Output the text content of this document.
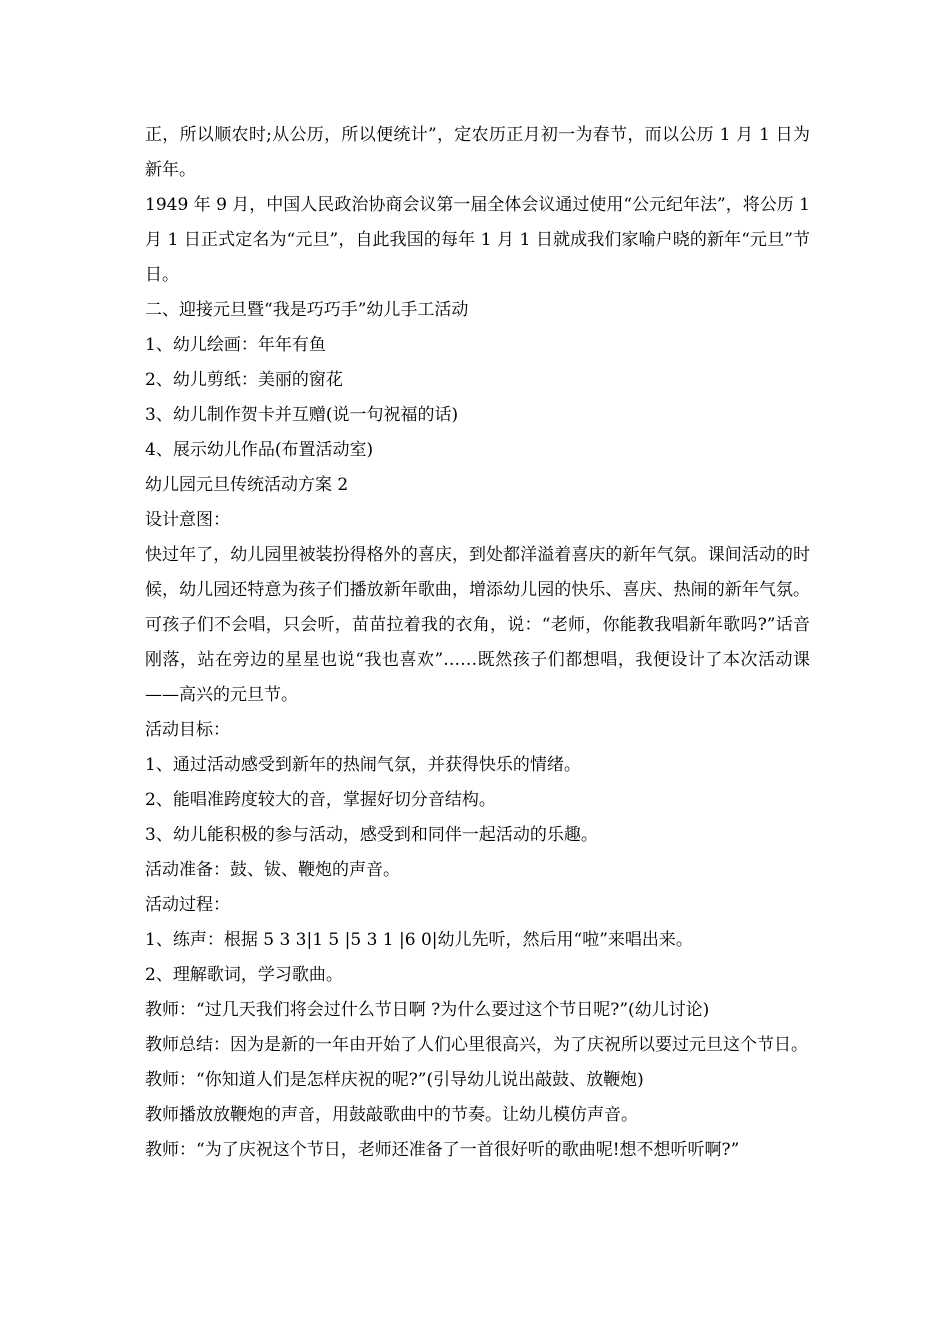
正，所以顺农时;从公历，所以便统计”，定农历正月初一为春节，而以公历 1 月 1 日为新年。

1949 年 9 月，中国人民政治协商会议第一届全体会议通过使用“公元纪年法”，将公历 1 月 1 日正式定名为“元旦”，自此我国的每年 1 月 1 日就成我们家喻户晓的新年“元旦”节日。

二、迎接元旦暨“我是巧巧手”幼儿手工活动

1、幼儿绘画：年年有鱼

2、幼儿剪纸：美丽的窗花

3、幼儿制作贺卡并互赠(说一句祝福的话)

4、展示幼儿作品(布置活动室)

幼儿园元旦传统活动方案 2

设计意图：

快过年了，幼儿园里被装扮得格外的喜庆，到处都洋溢着喜庆的新年气氛。课间活动的时候，幼儿园还特意为孩子们播放新年歌曲，增添幼儿园的快乐、喜庆、热闹的新年气氛。可孩子们不会唱，只会听，苗苗拉着我的衣角，说：“老师，你能教我唱新年歌吗?”话音刚落，站在旁边的星星也说“我也喜欢”……既然孩子们都想唱，我便设计了本次活动课——高兴的元旦节。

活动目标：

1、通过活动感受到新年的热闹气氛，并获得快乐的情绪。

2、能唱准跨度较大的音，掌握好切分音结构。

3、幼儿能积极的参与活动，感受到和同伴一起活动的乐趣。

活动准备：鼓、钹、鞭炮的声音。

活动过程：

1、练声：根据 5 3 3|1 5 |5 3 1 |6 0|幼儿先听，然后用“啦”来唱出来。

2、理解歌词，学习歌曲。

教师：“过几天我们将会过什么节日啊 ?为什么要过这个节日呢?”(幼儿讨论)

教师总结：因为是新的一年由开始了人们心里很高兴，为了庆祝所以要过元旦这个节日。

教师：“你知道人们是怎样庆祝的呢?”(引导幼儿说出敲鼓、放鞭炮)

教师播放放鞭炮的声音，用鼓敲歌曲中的节奏。让幼儿模仿声音。

教师：“为了庆祝这个节日，老师还准备了一首很好听的歌曲呢!想不想听听啊?”
